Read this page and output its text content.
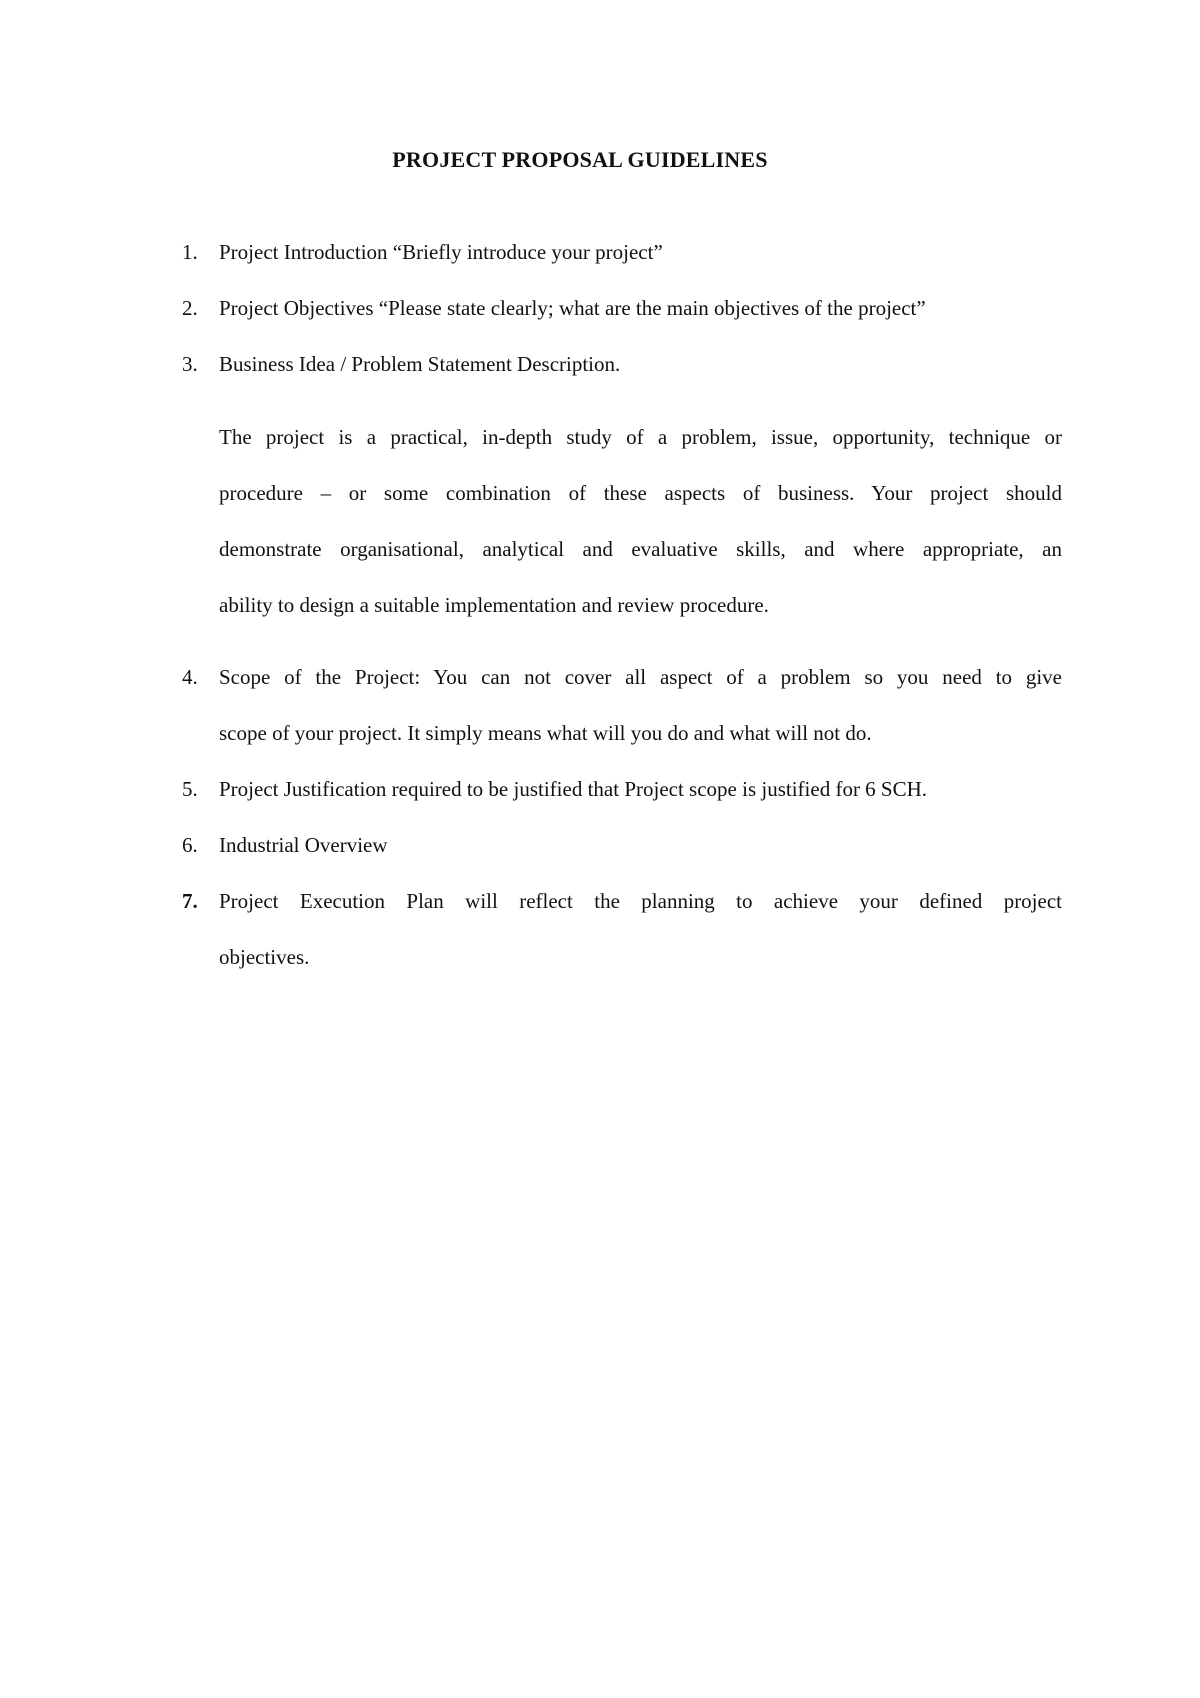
PROJECT PROPOSAL GUIDELINES
1.	Project Introduction “Briefly introduce your project”
2.	Project Objectives “Please state clearly; what are the main objectives of the project”
3.	Business Idea / Problem Statement Description.
The project is a practical, in-depth study of a problem, issue, opportunity, technique or
procedure – or some combination of these aspects of business. Your project should
demonstrate organisational, analytical and evaluative skills, and where appropriate, an
ability to design a suitable implementation and review procedure.
4.	Scope of the Project: You can not cover all aspect of a problem so you need to give
scope of your project. It simply means what will you do and what will not do.
5.	Project Justification required to be justified that Project scope is justified for 6 SCH.
6.	Industrial Overview
7.	Project Execution Plan will reflect the planning to achieve your defined project
objectives.
